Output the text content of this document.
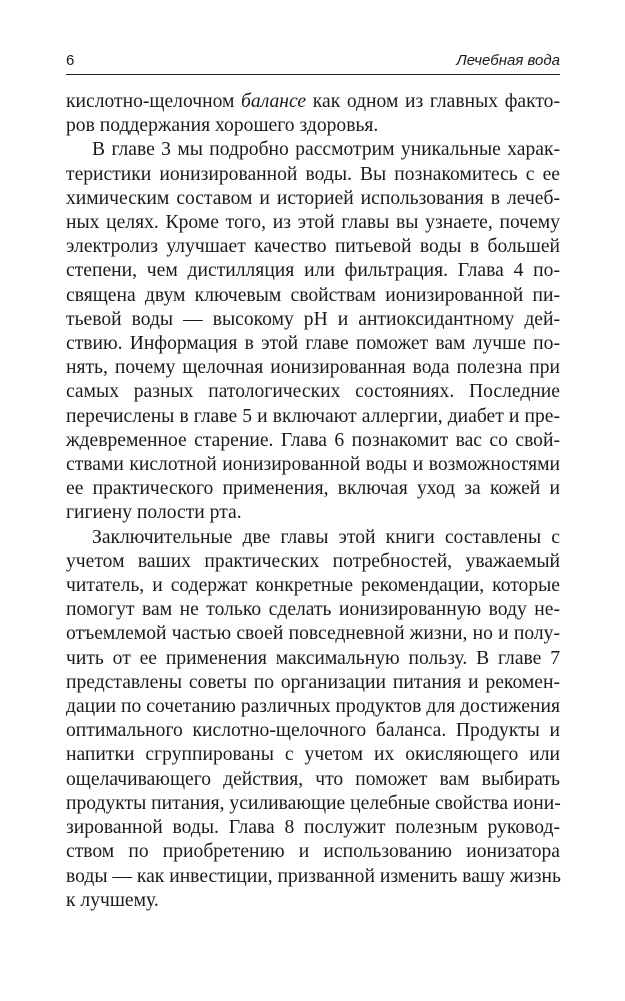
6	Лечебная вода

кислотно-щелочном балансе как одном из главных факто-
ров поддержания хорошего здоровья.

В главе 3 мы подробно рассмотрим уникальные харак-
теристики ионизированной воды. Вы познакомитесь с ее
химическим составом и историей использования в лечеб-
ных целях. Кроме того, из этой главы вы узнаете, почему
электролиз улучшает качество питьевой воды в большей
степени, чем дистилляция или фильтрация. Глава 4 по-
священа двум ключевым свойствам ионизированной пи-
тьевой воды — высокому pH и антиоксидантному дей-
ствию. Информация в этой главе поможет вам лучше по-
нять, почему щелочная ионизированная вода полезна при
самых разных патологических состояниях. Последние
перечислены в главе 5 и включают аллергии, диабет и пре-
ждевременное старение. Глава 6 познакомит вас со свой-
ствами кислотной ионизированной воды и возможностями
ее практического применения, включая уход за кожей и
гигиену полости рта.

Заключительные две главы этой книги составлены с
учетом ваших практических потребностей, уважаемый
читатель, и содержат конкретные рекомендации, которые
помогут вам не только сделать ионизированную воду не-
отъемлемой частью своей повседневной жизни, но и полу-
чить от ее применения максимальную пользу. В главе 7
представлены советы по организации питания и рекомен-
дации по сочетанию различных продуктов для достижения
оптимального кислотно-щелочного баланса. Продукты и
напитки сгруппированы с учетом их окисляющего или
ощелачивающего действия, что поможет вам выбирать
продукты питания, усиливающие целебные свойства иони-
зированной воды. Глава 8 послужит полезным руковод-
ством по приобретению и использованию ионизатора
воды — как инвестиции, призванной изменить вашу жизнь
к лучшему.
